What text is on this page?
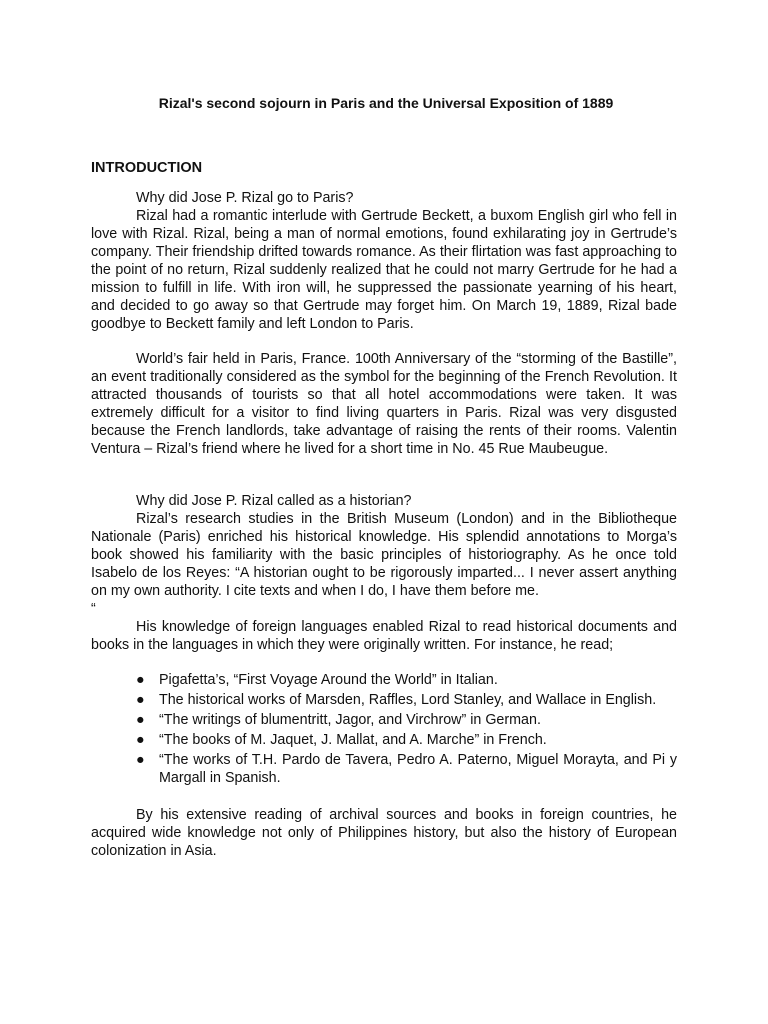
Rizal's second sojourn in Paris and the Universal Exposition of 1889
INTRODUCTION

Why did Jose P. Rizal go to Paris?

Rizal had a romantic interlude with Gertrude Beckett, a buxom English girl who fell in love with Rizal. Rizal, being a man of normal emotions, found exhilarating joy in Gertrude’s company. Their friendship drifted towards romance. As their flirtation was fast approaching to the point of no return, Rizal suddenly realized that he could not marry Gertrude for he had a mission to fulfill in life. With iron will, he suppressed the passionate yearning of his heart, and decided to go away so that Gertrude may forget him. On March 19, 1889, Rizal bade goodbye to Beckett family and left London to Paris.

World’s fair held in Paris, France. 100th Anniversary of the “storming of the Bastille”, an event traditionally considered as the symbol for the beginning of the French Revolution. It attracted thousands of tourists so that all hotel accommodations were taken. It was extremely difficult for a visitor to find living quarters in Paris. Rizal was very disgusted because the French landlords, take advantage of raising the rents of their rooms. Valentin Ventura – Rizal’s friend where he lived for a short time in No. 45 Rue Maubeugue.

Why did Jose P. Rizal called as a historian?

Rizal’s research studies in the British Museum (London) and in the Bibliotheque Nationale (Paris) enriched his historical knowledge. His splendid annotations to Morga’s book showed his familiarity with the basic principles of historiography. As he once told Isabelo de los Reyes: “A historian ought to be rigorously imparted... I never assert anything on my own authority. I cite texts and when I do, I have them before me.

“

His knowledge of foreign languages enabled Rizal to read historical documents and books in the languages in which they were originally written. For instance, he read;

● Pigafetta’s, “First Voyage Around the World” in Italian.
● The historical works of Marsden, Raffles, Lord Stanley, and Wallace in English.
● “The writings of blumentritt, Jagor, and Virchrow” in German.
● “The books of M. Jaquet, J. Mallat, and A. Marche” in French.
● “The works of T.H. Pardo de Tavera, Pedro A. Paterno, Miguel Morayta, and Pi y Margall in Spanish.

By his extensive reading of archival sources and books in foreign countries, he acquired wide knowledge not only of Philippines history, but also the history of European colonization in Asia.
